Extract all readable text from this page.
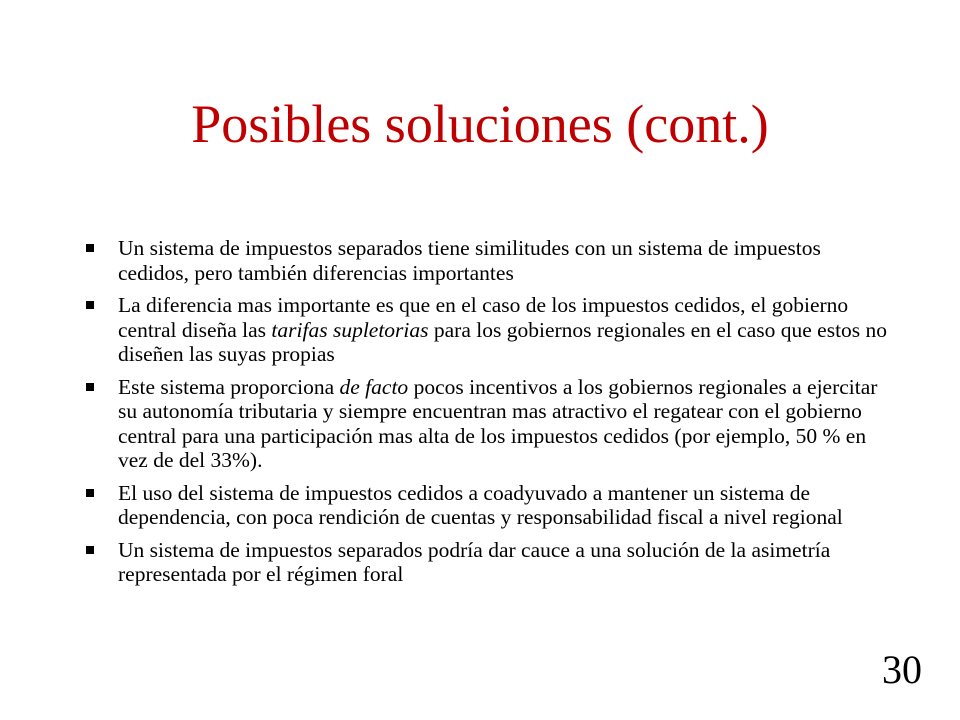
Posibles soluciones (cont.)
Un sistema de impuestos separados tiene similitudes con un sistema de impuestos cedidos, pero también diferencias importantes
La diferencia mas importante es que en el caso de los impuestos cedidos, el gobierno central diseña las tarifas supletorias para los gobiernos regionales en el caso que estos no diseñen las suyas propias
Este sistema proporciona de facto pocos incentivos a los gobiernos regionales a ejercitar su autonomía tributaria y siempre encuentran mas atractivo el regatear con el gobierno central para una participación mas alta de los impuestos cedidos (por ejemplo, 50 % en vez de del 33%).
El uso del sistema de impuestos cedidos a coadyuvado a mantener un sistema de dependencia, con poca rendición de cuentas y responsabilidad fiscal a nivel regional
Un sistema de impuestos separados podría dar cauce a una solución de la asimetría representada por el régimen foral
30
